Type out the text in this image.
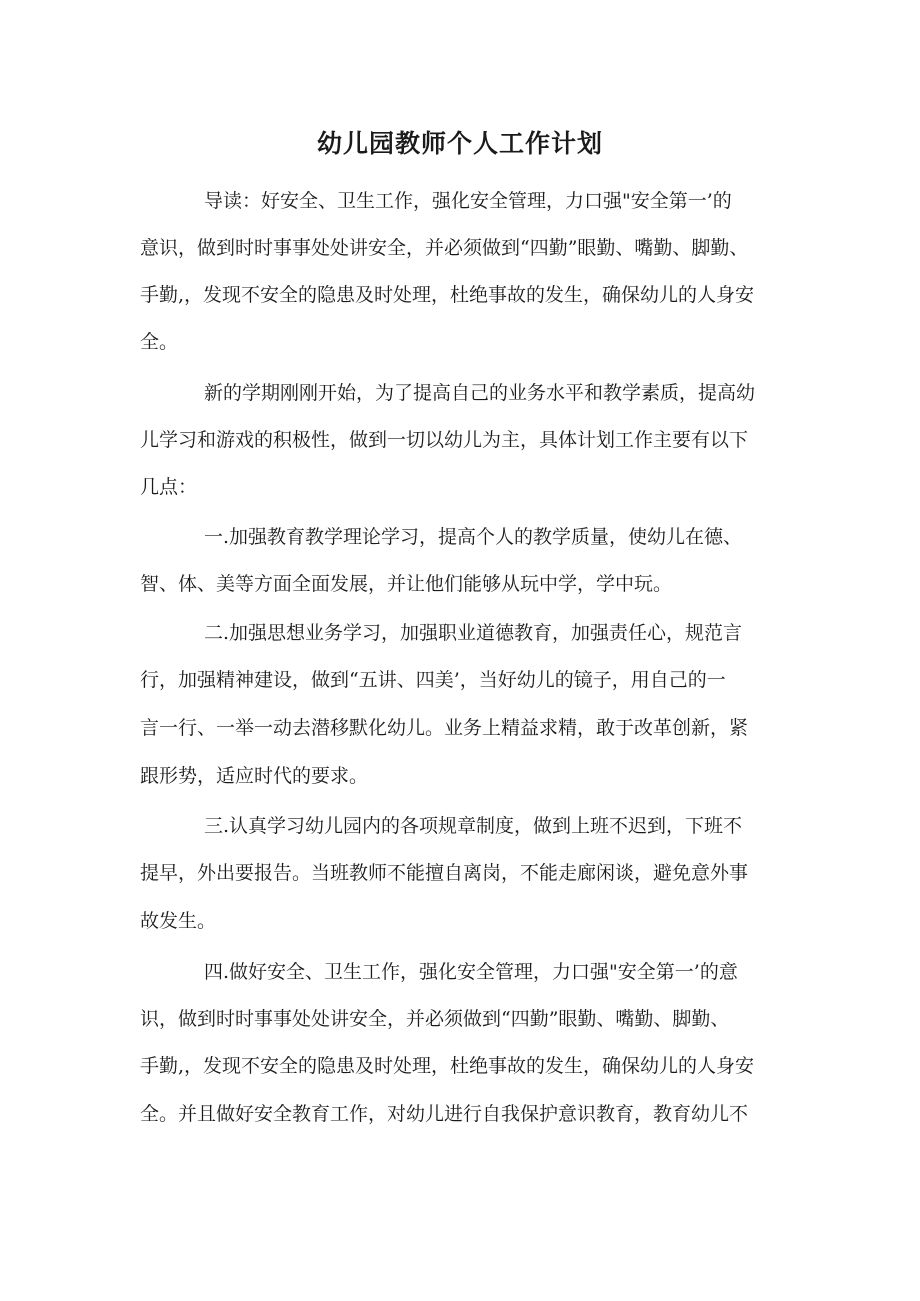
幼儿园教师个人工作计划
导读：好安全、卫生工作，强化安全管理，力口强"安全第一’的
意识，做到时时事事处处讲安全，并必须做到“四勤”眼勤、嘴勤、脚勤、
手勤,，发现不安全的隐患及时处理，杜绝事故的发生，确保幼儿的人身安
全。
新的学期刚刚开始，为了提高自己的业务水平和教学素质，提高幼
儿学习和游戏的积极性，做到一切以幼儿为主，具体计划工作主要有以下
几点：
一.加强教育教学理论学习，提高个人的教学质量，使幼儿在德、
智、体、美等方面全面发展，并让他们能够从玩中学，学中玩。
二.加强思想业务学习，加强职业道德教育，加强责任心，规范言
行，加强精神建设，做到“五讲、四美’，当好幼儿的镜子，用自己的一
言一行、一举一动去潜移默化幼儿。业务上精益求精，敢于改革创新，紧
跟形势，适应时代的要求。
三.认真学习幼儿园内的各项规章制度，做到上班不迟到，下班不
提早，外出要报告。当班教师不能擅自离岗，不能走廊闲谈，避免意外事
故发生。
四.做好安全、卫生工作，强化安全管理，力口强"安全第一’的意
识，做到时时事事处处讲安全，并必须做到“四勤”眼勤、嘴勤、脚勤、
手勤,，发现不安全的隐患及时处理，杜绝事故的发生，确保幼儿的人身安
全。并且做好安全教育工作，对幼儿进行自我保护意识教育，教育幼儿不
